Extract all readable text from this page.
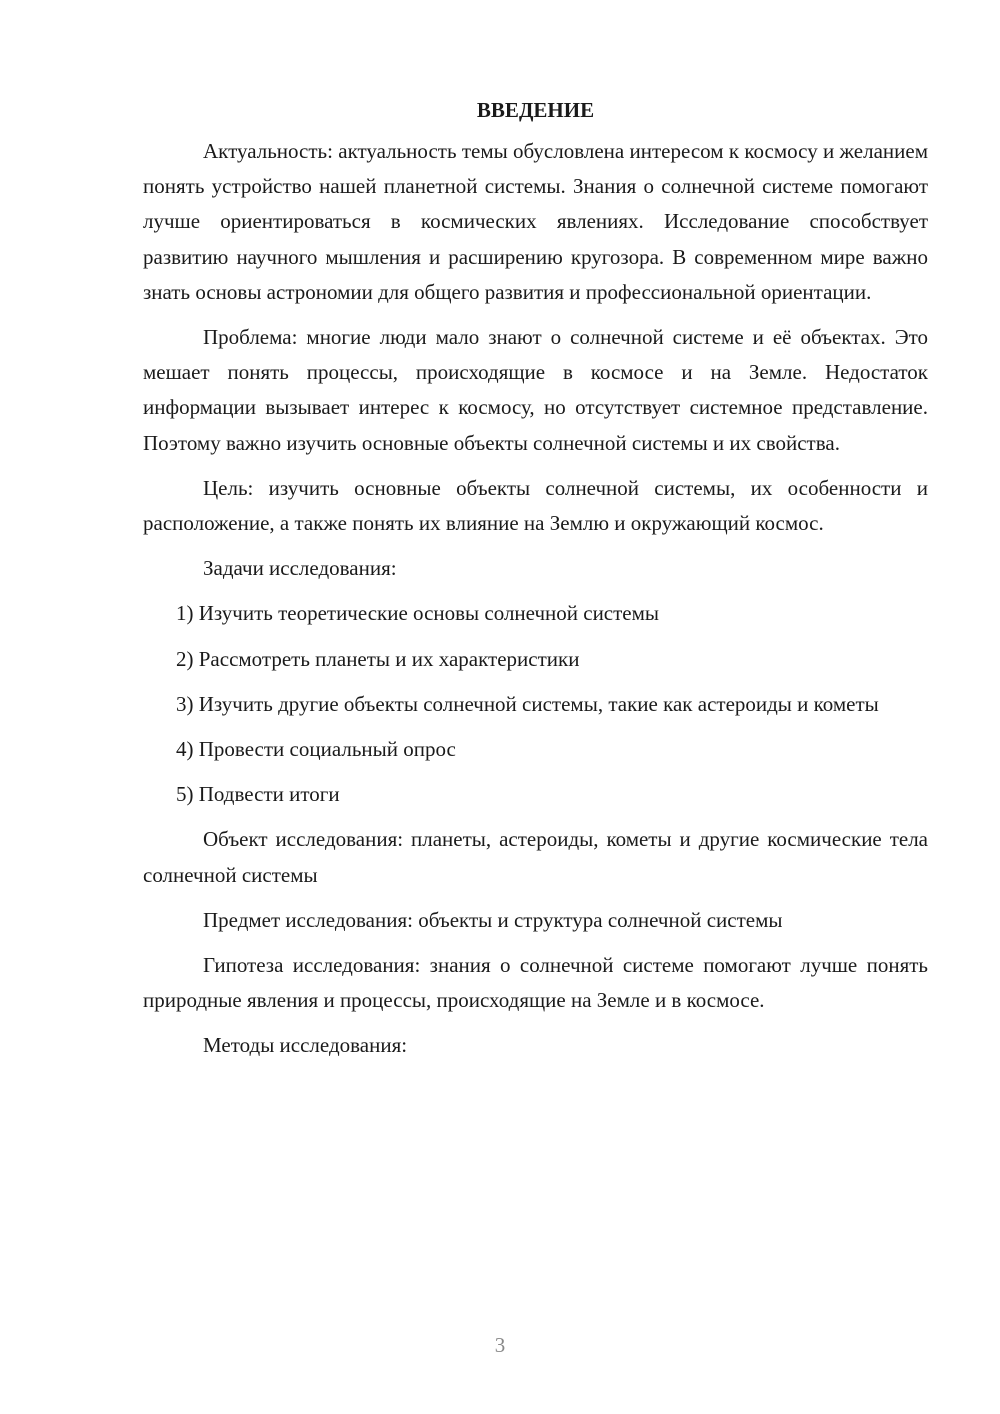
ВВЕДЕНИЕ

Актуальность: актуальность темы обусловлена интересом к космосу и желанием понять устройство нашей планетной системы. Знания о солнечной системе помогают лучше ориентироваться в космических явлениях. Исследование способствует развитию научного мышления и расширению кругозора. В современном мире важно знать основы астрономии для общего развития и профессиональной ориентации.

Проблема: многие люди мало знают о солнечной системе и её объектах. Это мешает понять процессы, происходящие в космосе и на Земле. Недостаток информации вызывает интерес к космосу, но отсутствует системное представление. Поэтому важно изучить основные объекты солнечной системы и их свойства.

Цель: изучить основные объекты солнечной системы, их особенности и расположение, а также понять их влияние на Землю и окружающий космос.

Задачи исследования:

1) Изучить теоретические основы солнечной системы

2) Рассмотреть планеты и их характеристики

3) Изучить другие объекты солнечной системы, такие как астероиды и кометы

4) Провести социальный опрос

5) Подвести итоги

Объект исследования: планеты, астероиды, кометы и другие космические тела солнечной системы

Предмет исследования: объекты и структура солнечной системы

Гипотеза исследования: знания о солнечной системе помогают лучше понять природные явления и процессы, происходящие на Земле и в космосе.

Методы исследования:

3
